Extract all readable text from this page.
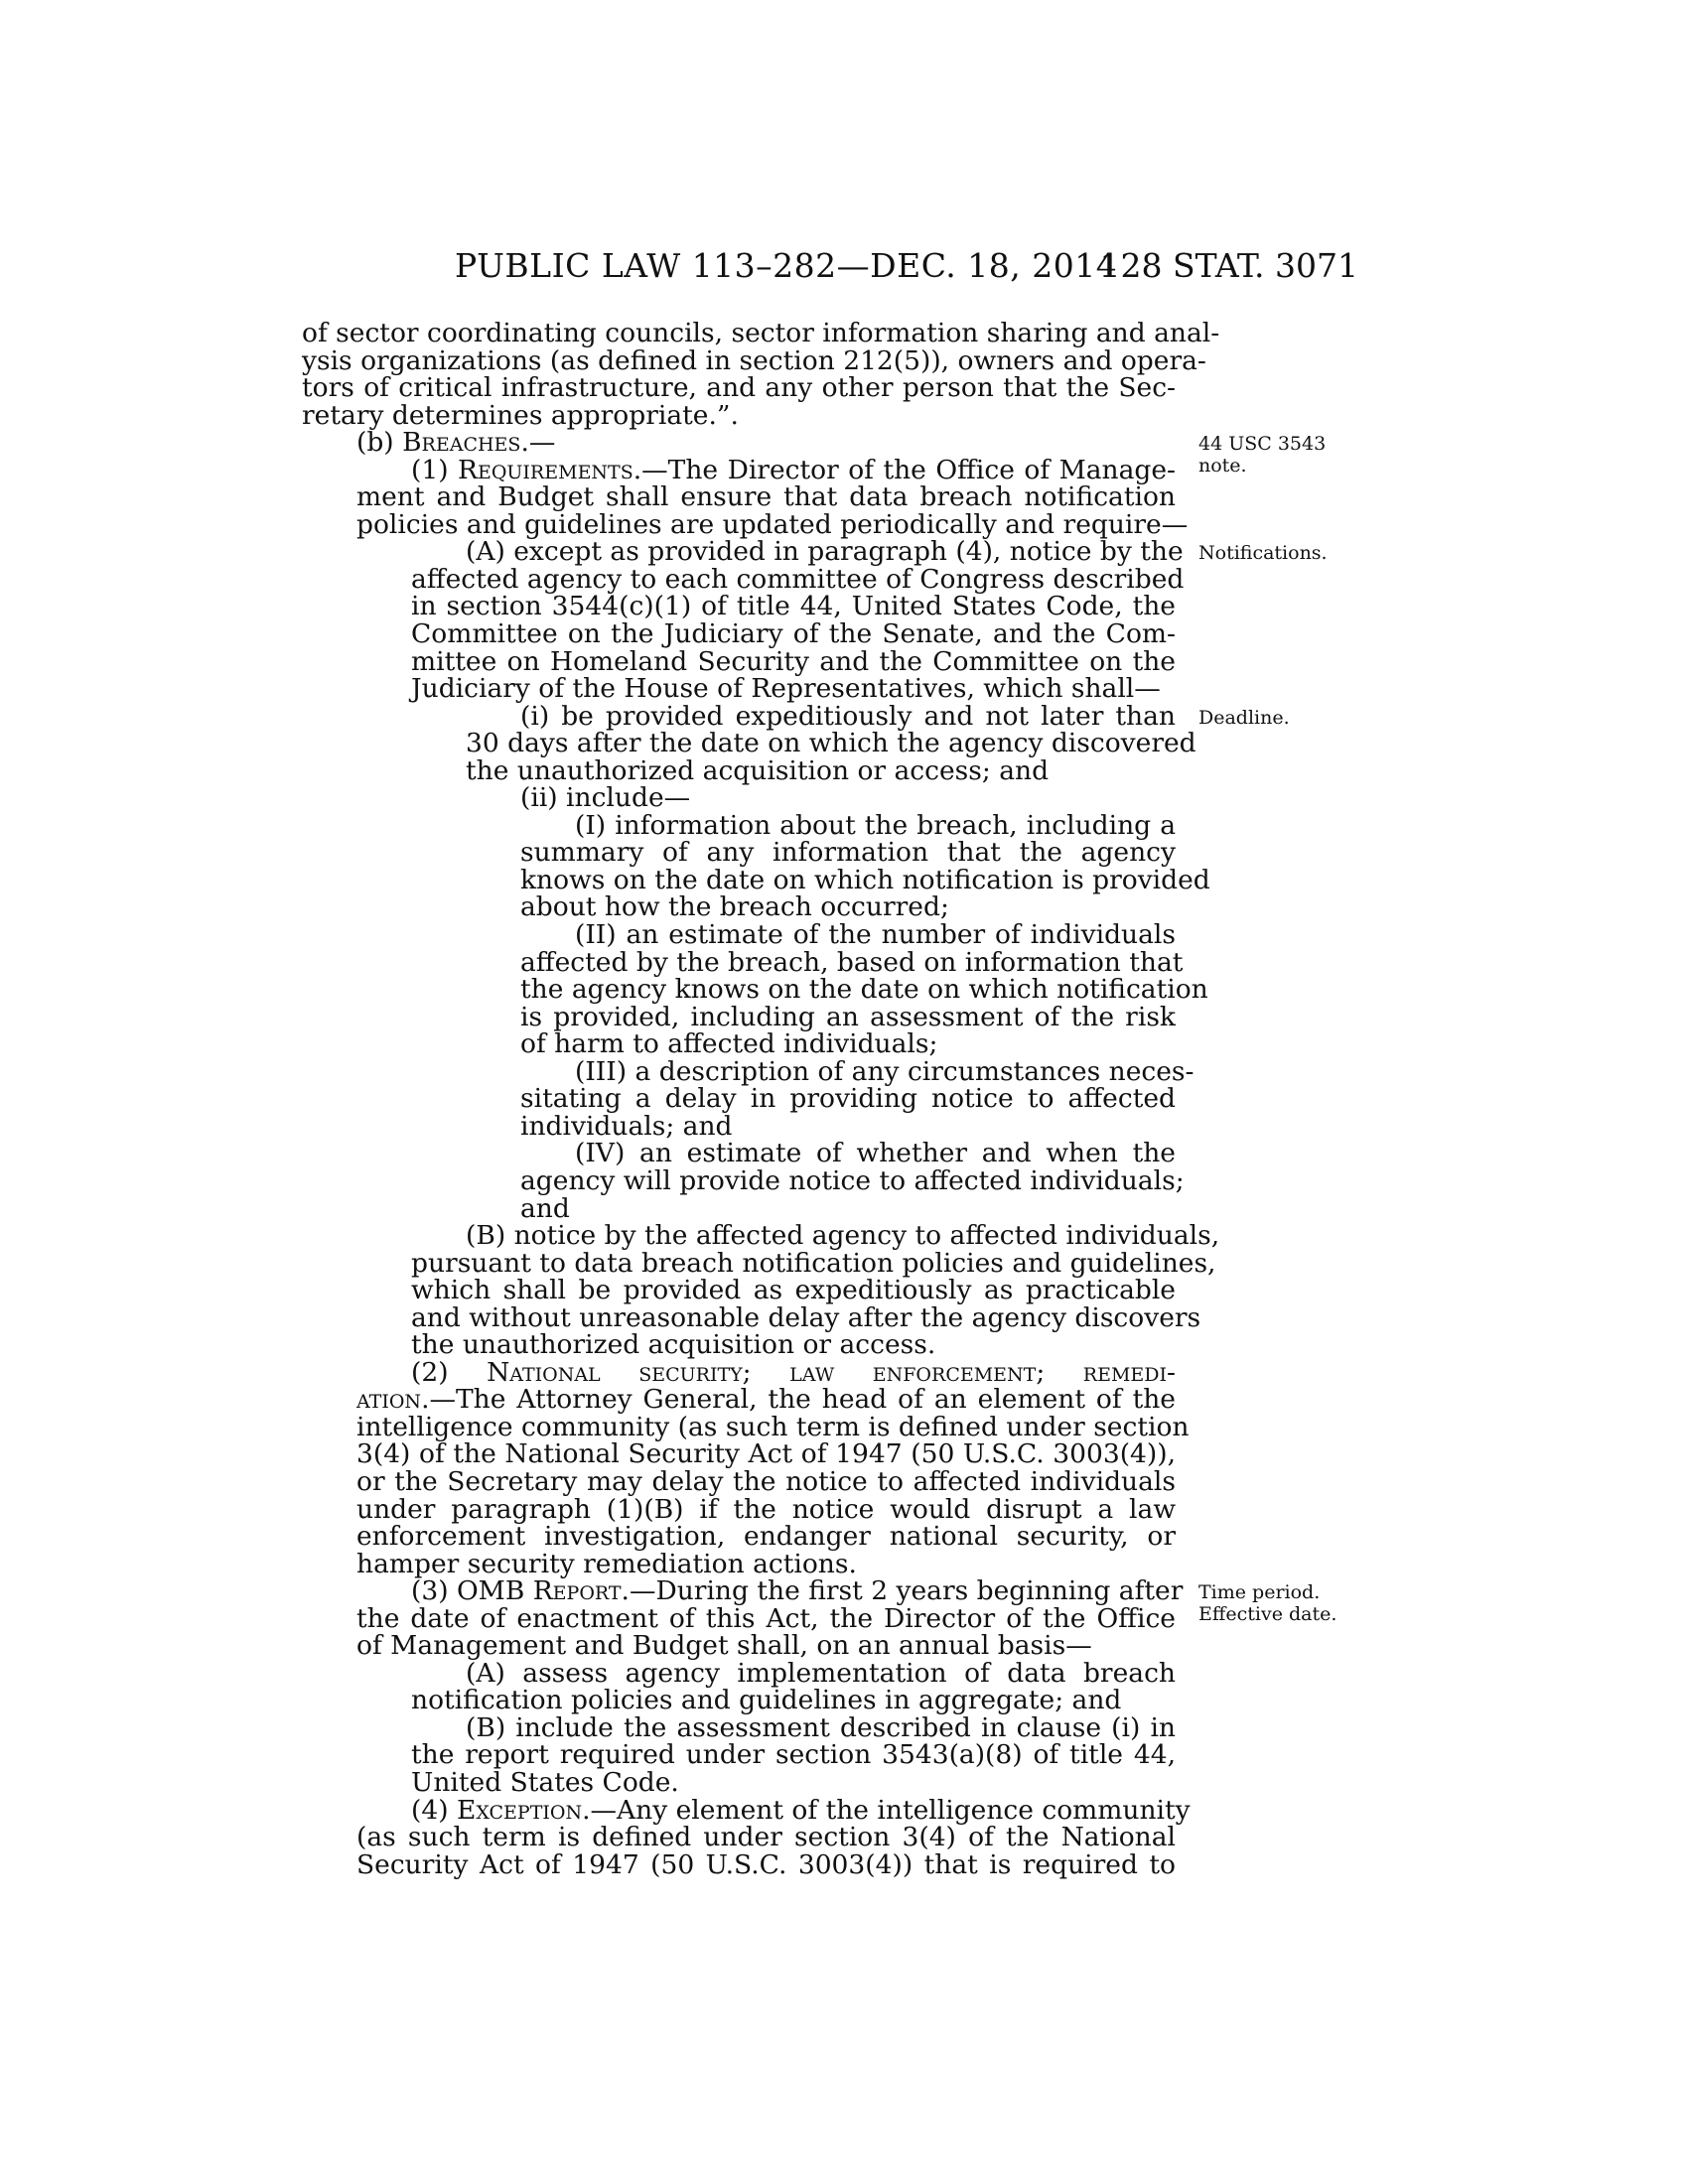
PUBLIC LAW 113–282—DEC. 18, 2014
128 STAT. 3071
of sector coordinating councils, sector information sharing and anal-
ysis organizations (as defined in section 212(5)), owners and opera-
tors of critical infrastructure, and any other person that the Sec-
retary determines appropriate.”.
(b) Breaches.—
(1) Requirements.—The Director of the Office of Manage-
ment and Budget shall ensure that data breach notification
policies and guidelines are updated periodically and require—
(A) except as provided in paragraph (4), notice by the
affected agency to each committee of Congress described
in section 3544(c)(1) of title 44, United States Code, the
Committee on the Judiciary of the Senate, and the Com-
mittee on Homeland Security and the Committee on the
Judiciary of the House of Representatives, which shall—
(i) be provided expeditiously and not later than
30 days after the date on which the agency discovered
the unauthorized acquisition or access; and
(ii) include—
(I) information about the breach, including a
summary of any information that the agency
knows on the date on which notification is provided
about how the breach occurred;
(II) an estimate of the number of individuals
affected by the breach, based on information that
the agency knows on the date on which notification
is provided, including an assessment of the risk
of harm to affected individuals;
(III) a description of any circumstances neces-
sitating a delay in providing notice to affected
individuals; and
(IV) an estimate of whether and when the
agency will provide notice to affected individuals;
and
(B) notice by the affected agency to affected individuals,
pursuant to data breach notification policies and guidelines,
which shall be provided as expeditiously as practicable
and without unreasonable delay after the agency discovers
the unauthorized acquisition or access.
(2) National security; law enforcement; remedi-
ation.—The Attorney General, the head of an element of the
intelligence community (as such term is defined under section
3(4) of the National Security Act of 1947 (50 U.S.C. 3003(4)),
or the Secretary may delay the notice to affected individuals
under paragraph (1)(B) if the notice would disrupt a law
enforcement investigation, endanger national security, or
hamper security remediation actions.
(3) OMB Report.—During the first 2 years beginning after
the date of enactment of this Act, the Director of the Office
of Management and Budget shall, on an annual basis—
(A) assess agency implementation of data breach
notification policies and guidelines in aggregate; and
(B) include the assessment described in clause (i) in
the report required under section 3543(a)(8) of title 44,
United States Code.
(4) Exception.—Any element of the intelligence community
(as such term is defined under section 3(4) of the National
Security Act of 1947 (50 U.S.C. 3003(4)) that is required to
44 USC 3543
note.
Notifications.
Deadline.
Time period.
Effective date.
